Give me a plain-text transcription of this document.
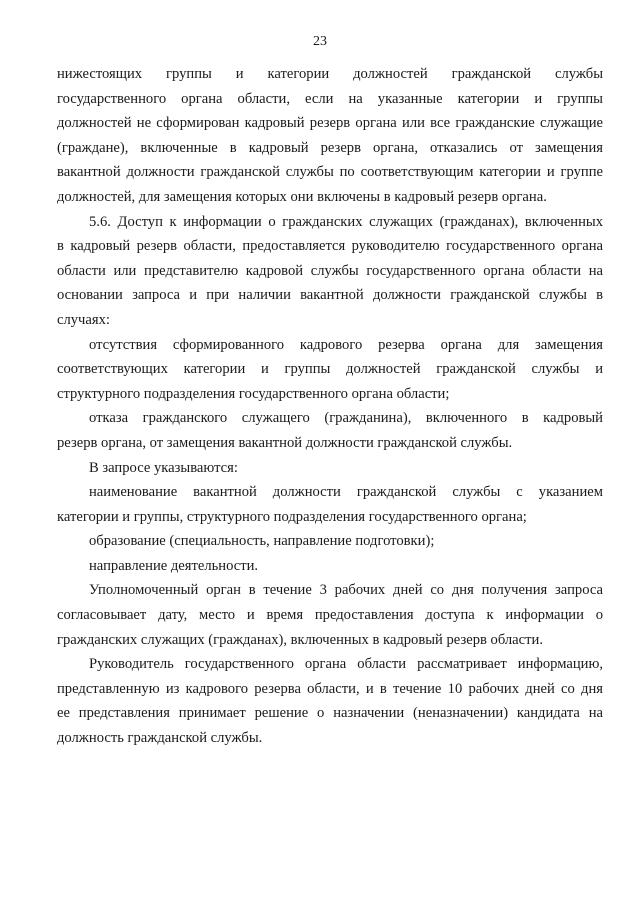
23
нижестоящих группы и категории должностей гражданской службы
государственного органа области, если на указанные категории и группы
должностей не сформирован кадровый резерв органа или все гражданские служащие
(граждане), включенные в кадровый резерв органа, отказались от замещения
вакантной должности гражданской службы по соответствующим категории и группе
должностей, для замещения которых они включены в кадровый резерв органа.
5.6. Доступ к информации о гражданских служащих (гражданах), включенных
в кадровый резерв области, предоставляется руководителю государственного органа
области или представителю кадровой службы государственного органа области на
основании запроса и при наличии вакантной должности гражданской службы в
случаях:
отсутствия сформированного кадрового резерва органа для замещения
соответствующих категории и группы должностей гражданской службы и
структурного подразделения государственного органа области;
отказа гражданского служащего (гражданина), включенного в кадровый
резерв органа, от замещения вакантной должности гражданской службы.
В запросе указываются:
наименование вакантной должности гражданской службы с указанием
категории и группы, структурного подразделения государственного органа;
образование (специальность, направление подготовки);
направление деятельности.
Уполномоченный орган в течение 3 рабочих дней со дня получения запроса
согласовывает дату, место и время предоставления доступа к информации о
гражданских служащих (гражданах), включенных в кадровый резерв области.
Руководитель государственного органа области рассматривает информацию,
представленную из кадрового резерва области, и в течение 10 рабочих дней со дня
ее представления принимает решение о назначении (неназначении) кандидата на
должность гражданской службы.
